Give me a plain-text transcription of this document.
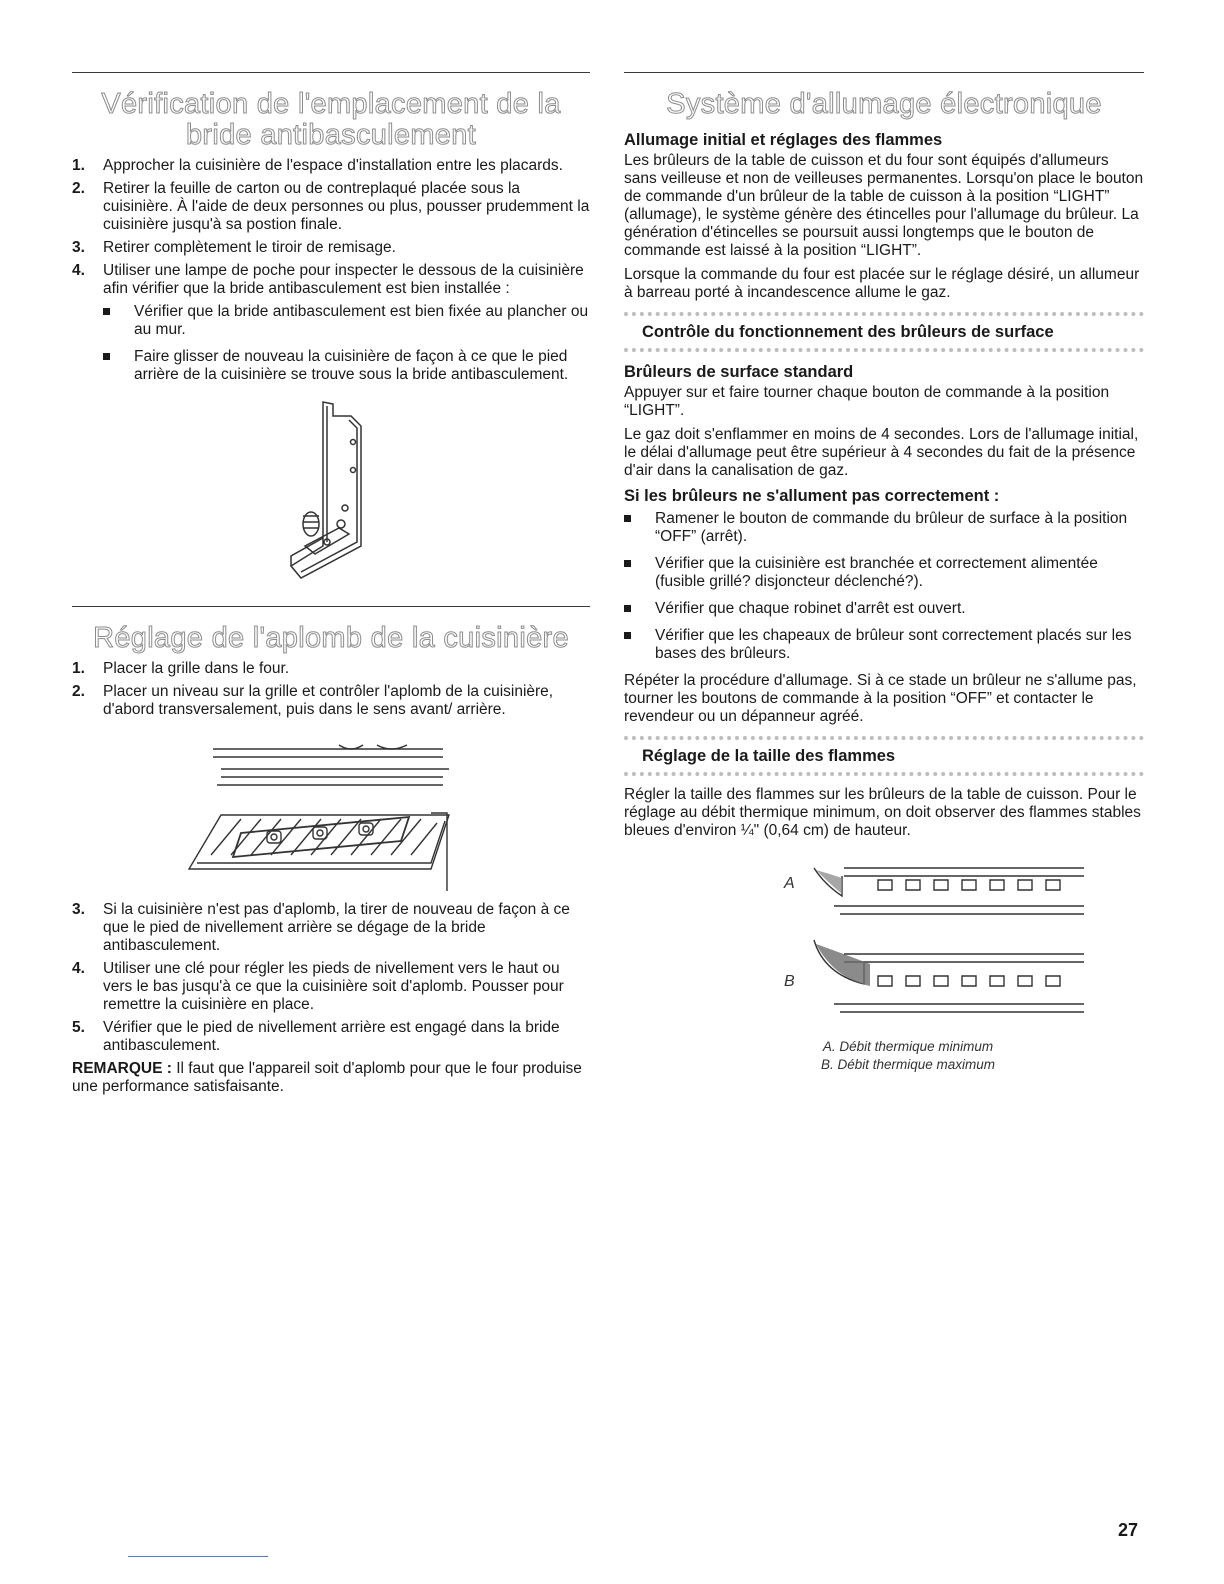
Vérification de l'emplacement de la
bride antibasculement
1. Approcher la cuisinière de l'espace d'installation entre les placards.
2. Retirer la feuille de carton ou de contreplaqué placée sous la cuisinière. À l'aide de deux personnes ou plus, pousser prudemment la cuisinière jusqu'à sa postion finale.
3. Retirer complètement le tiroir de remisage.
4. Utiliser une lampe de poche pour inspecter le dessous de la cuisinière afin vérifier que la bride antibasculement est bien installée :
Vérifier que la bride antibasculement est bien fixée au plancher ou au mur.
Faire glisser de nouveau la cuisinière de façon à ce que le pied arrière de la cuisinière se trouve sous la bride antibasculement.
Réglage de l'aplomb de la cuisinière
1. Placer la grille dans le four.
2. Placer un niveau sur la grille et contrôler l'aplomb de la cuisinière, d'abord transversalement, puis dans le sens avant/ arrière.
3. Si la cuisinière n'est pas d'aplomb, la tirer de nouveau de façon à ce que le pied de nivellement arrière se dégage de la bride antibasculement.
4. Utiliser une clé pour régler les pieds de nivellement vers le haut ou vers le bas jusqu'à ce que la cuisinière soit d'aplomb. Pousser pour remettre la cuisinière en place.
5. Vérifier que le pied de nivellement arrière est engagé dans la bride antibasculement.

REMARQUE : Il faut que l'appareil soit d'aplomb pour que le four produise une performance satisfaisante.

Système d'allumage électronique
Allumage initial et réglages des flammes

Les brûleurs de la table de cuisson et du four sont équipés d'allumeurs sans veilleuse et non de veilleuses permanentes. Lorsqu'on place le bouton de commande d'un brûleur de la table de cuisson à la position “LIGHT” (allumage), le système génère des étincelles pour l'allumage du brûleur. La génération d'étincelles se poursuit aussi longtemps que le bouton de commande est laissé à la position “LIGHT”.

Lorsque la commande du four est placée sur le réglage désiré, un allumeur à barreau porté à incandescence allume le gaz.

Contrôle du fonctionnement des brûleurs de surface
Brûleurs de surface standard

Appuyer sur et faire tourner chaque bouton de commande à la position “LIGHT”.

Le gaz doit s'enflammer en moins de 4 secondes. Lors de l'allumage initial, le délai d'allumage peut être supérieur à 4 secondes du fait de la présence d'air dans la canalisation de gaz.

Si les brûleurs ne s'allument pas correctement :
Ramener le bouton de commande du brûleur de surface à la position “OFF” (arrêt).
Vérifier que la cuisinière est branchée et correctement alimentée (fusible grillé? disjoncteur déclenché?).
Vérifier que chaque robinet d'arrêt est ouvert.
Vérifier que les chapeaux de brûleur sont correctement placés sur les bases des brûleurs.

Répéter la procédure d'allumage. Si à ce stade un brûleur ne s'allume pas, tourner les boutons de commande à la position “OFF” et contacter le revendeur ou un dépanneur agréé.

Réglage de la taille des flammes

Régler la taille des flammes sur les brûleurs de la table de cuisson. Pour le réglage au débit thermique minimum, on doit observer des flammes stables bleues d'environ ¼" (0,64 cm) de hauteur.

A
B
A. Débit thermique minimum
B. Débit thermique maximum
27
